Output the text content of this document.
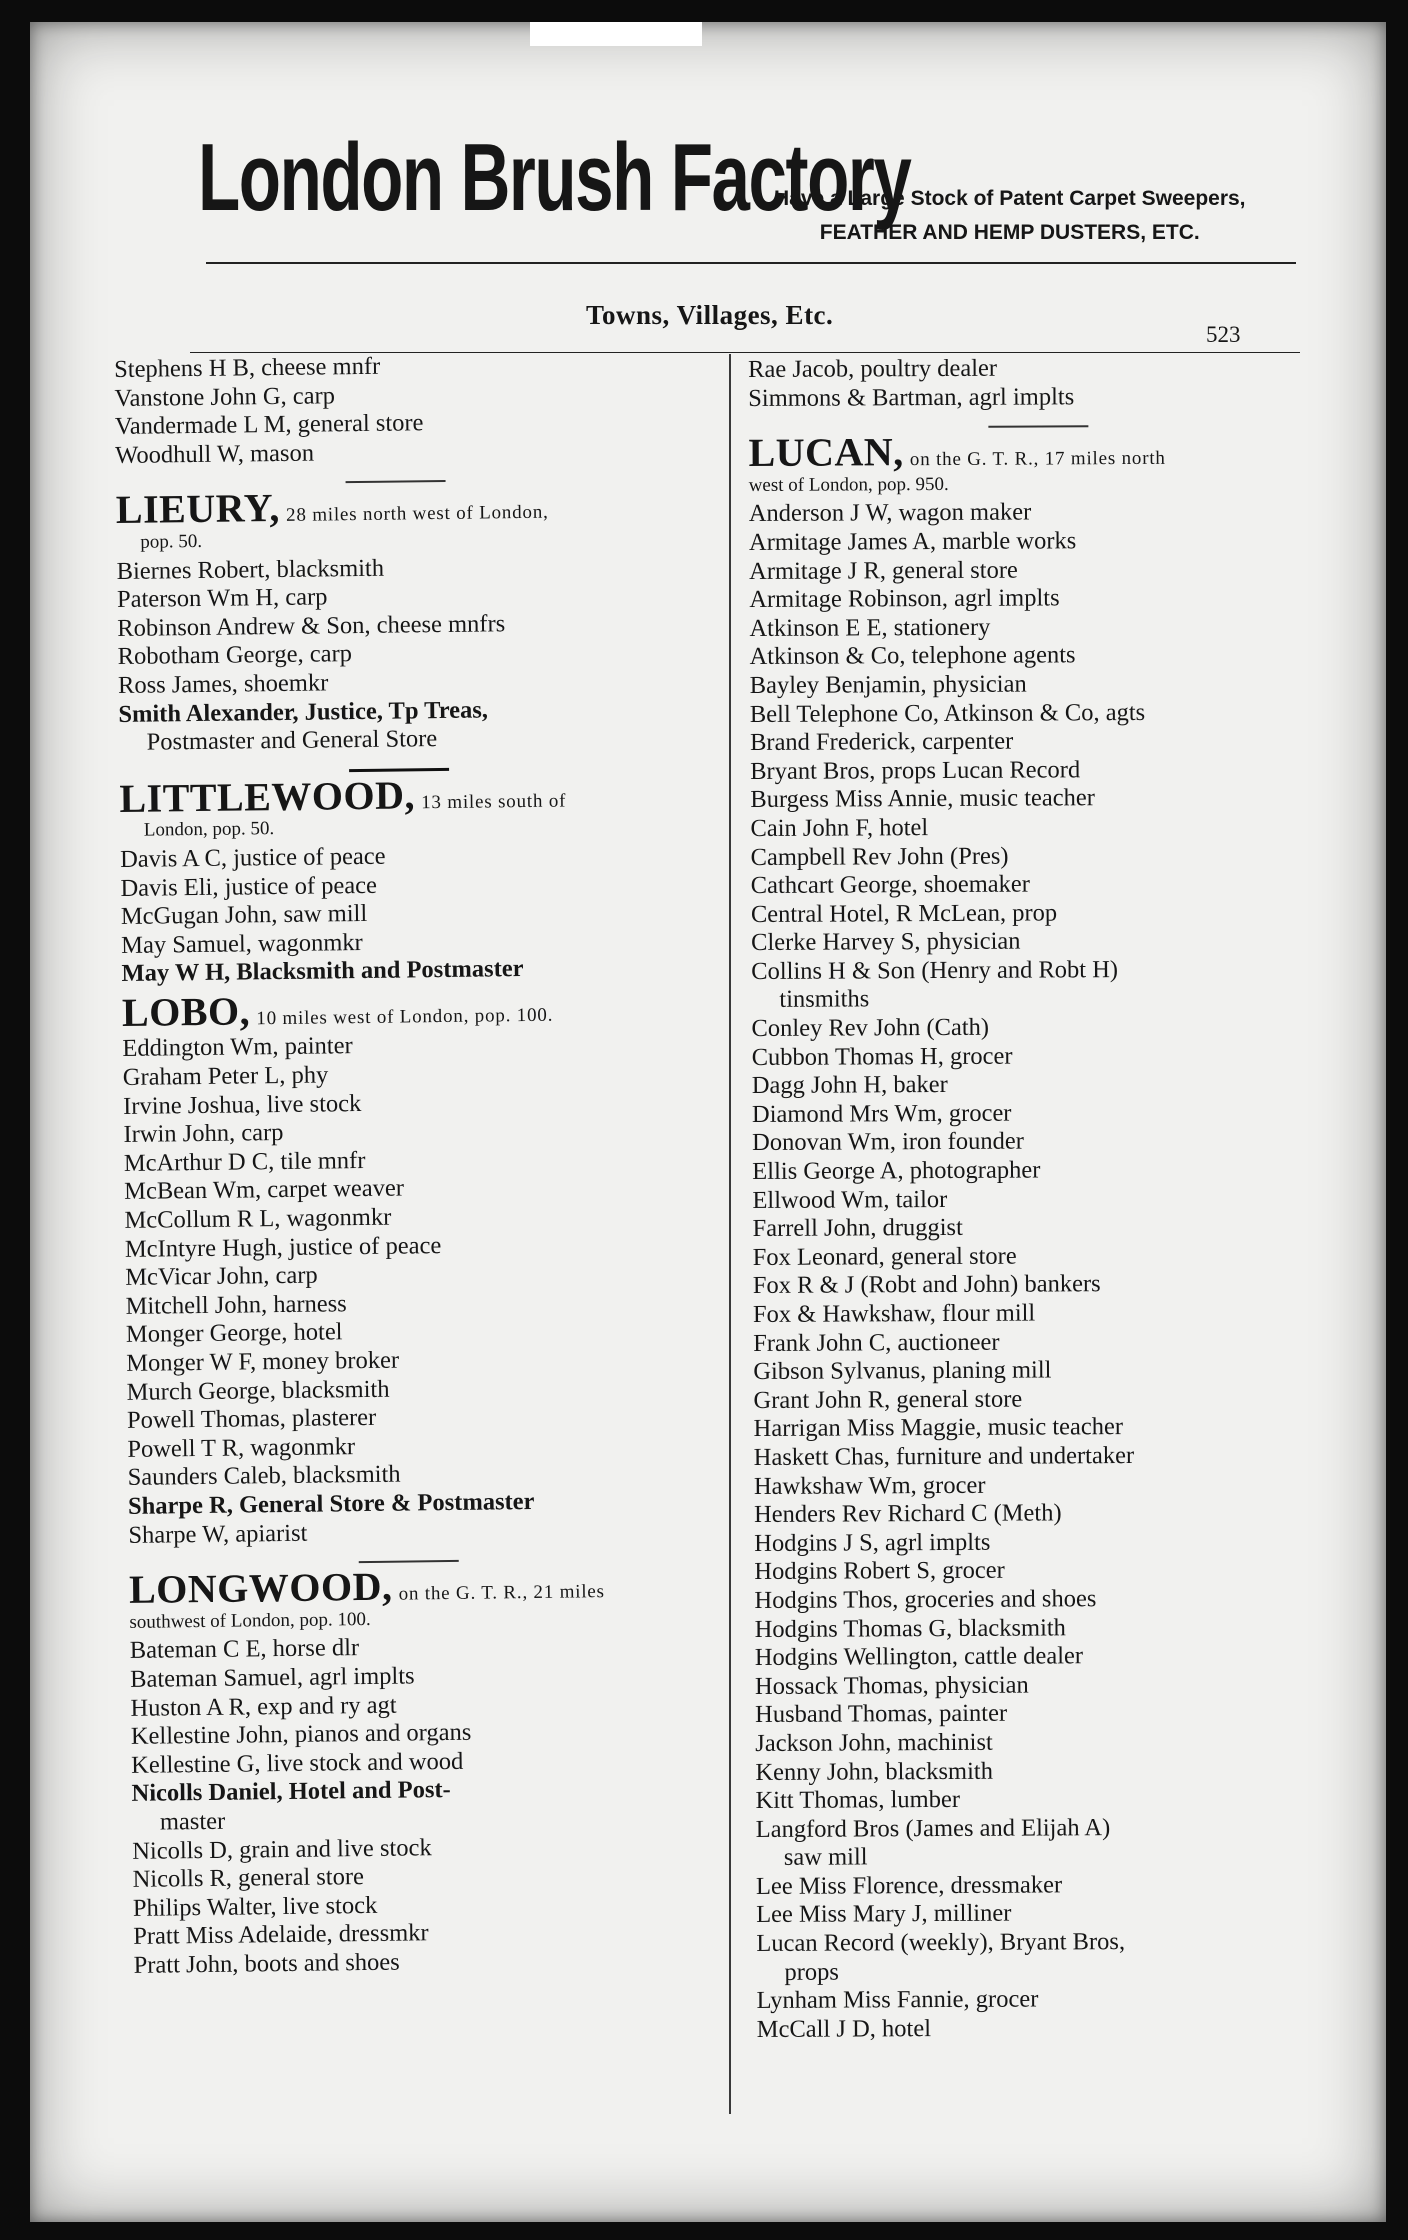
London Brush Factory
Have a Large Stock of Patent Carpet Sweepers,
FEATHER AND HEMP DUSTERS, ETC.
Towns, Villages, Etc.
523
Stephens H B, cheese mnfr
Vanstone John G, carp
Vandermade L M, general store
Woodhull W, mason
LIEURY, 28 miles north west of London,
pop. 50.
Biernes Robert, blacksmith
Paterson Wm H, carp
Robinson Andrew & Son, cheese mnfrs
Robotham George, carp
Ross James, shoemkr
Smith Alexander, Justice, Tp Treas,
Postmaster and General Store
LITTLEWOOD, 13 miles south of
London, pop. 50.
Davis A C, justice of peace
Davis Eli, justice of peace
McGugan John, saw mill
May Samuel, wagonmkr
May W H, Blacksmith and Postmaster
LOBO, 10 miles west of London, pop. 100.
Eddington Wm, painter
Graham Peter L, phy
Irvine Joshua, live stock
Irwin John, carp
McArthur D C, tile mnfr
McBean Wm, carpet weaver
McCollum R L, wagonmkr
McIntyre Hugh, justice of peace
McVicar John, carp
Mitchell John, harness
Monger George, hotel
Monger W F, money broker
Murch George, blacksmith
Powell Thomas, plasterer
Powell T R, wagonmkr
Saunders Caleb, blacksmith
Sharpe R, General Store & Postmaster
Sharpe W, apiarist
LONGWOOD, on the G. T. R., 21 miles
southwest of London, pop. 100.
Bateman C E, horse dlr
Bateman Samuel, agrl implts
Huston A R, exp and ry agt
Kellestine John, pianos and organs
Kellestine G, live stock and wood
Nicolls Daniel, Hotel and Post-
master
Nicolls D, grain and live stock
Nicolls R, general store
Philips Walter, live stock
Pratt Miss Adelaide, dressmkr
Pratt John, boots and shoes
Rae Jacob, poultry dealer
Simmons & Bartman, agrl implts
LUCAN, on the G. T. R., 17 miles north
west of London, pop. 950.
Anderson J W, wagon maker
Armitage James A, marble works
Armitage J R, general store
Armitage Robinson, agrl implts
Atkinson E E, stationery
Atkinson & Co, telephone agents
Bayley Benjamin, physician
Bell Telephone Co, Atkinson & Co, agts
Brand Frederick, carpenter
Bryant Bros, props Lucan Record
Burgess Miss Annie, music teacher
Cain John F, hotel
Campbell Rev John (Pres)
Cathcart George, shoemaker
Central Hotel, R McLean, prop
Clerke Harvey S, physician
Collins H & Son (Henry and Robt H)
tinsmiths
Conley Rev John (Cath)
Cubbon Thomas H, grocer
Dagg John H, baker
Diamond Mrs Wm, grocer
Donovan Wm, iron founder
Ellis George A, photographer
Ellwood Wm, tailor
Farrell John, druggist
Fox Leonard, general store
Fox R & J (Robt and John) bankers
Fox & Hawkshaw, flour mill
Frank John C, auctioneer
Gibson Sylvanus, planing mill
Grant John R, general store
Harrigan Miss Maggie, music teacher
Haskett Chas, furniture and undertaker
Hawkshaw Wm, grocer
Henders Rev Richard C (Meth)
Hodgins J S, agrl implts
Hodgins Robert S, grocer
Hodgins Thos, groceries and shoes
Hodgins Thomas G, blacksmith
Hodgins Wellington, cattle dealer
Hossack Thomas, physician
Husband Thomas, painter
Jackson John, machinist
Kenny John, blacksmith
Kitt Thomas, lumber
Langford Bros (James and Elijah A)
saw mill
Lee Miss Florence, dressmaker
Lee Miss Mary J, milliner
Lucan Record (weekly), Bryant Bros,
props
Lynham Miss Fannie, grocer
McCall J D, hotel
